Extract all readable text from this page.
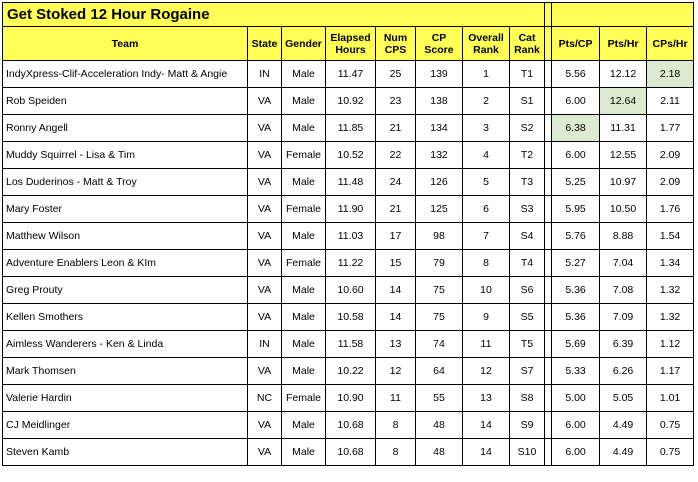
Get Stoked 12 Hour Rogaine											
Team	State	Gender	Elapsed Hours	Num CPS	CP Score	Overall Rank	Cat Rank		Pts/CP	Pts/Hr	CPs/Hr
IndyXpress-Clif-Acceleration Indy- Matt & Angie	IN	Male	11.47	25	139	1	T1		5.56	12.12	2.18
Rob Speiden	VA	Male	10.92	23	138	2	S1		6.00	12.64	2.11
Ronny Angell	VA	Male	11.85	21	134	3	S2		6.38	11.31	1.77
Muddy Squirrel - Lisa & Tim	VA	Female	10.52	22	132	4	T2		6.00	12.55	2.09
Los Duderinos - Matt & Troy	VA	Male	11.48	24	126	5	T3		5.25	10.97	2.09
Mary Foster	VA	Female	11.90	21	125	6	S3		5.95	10.50	1.76
Matthew Wilson	VA	Male	11.03	17	98	7	S4		5.76	8.88	1.54
Adventure Enablers Leon & KIm	VA	Female	11.22	15	79	8	T4		5.27	7.04	1.34
Greg Prouty	VA	Male	10.60	14	75	10	S6		5.36	7.08	1.32
Kellen Smothers	VA	Male	10.58	14	75	9	S5		5.36	7.09	1.32
Aimless Wanderers - Ken & Linda	IN	Male	11.58	13	74	11	T5		5.69	6.39	1.12
Mark Thomsen	VA	Male	10.22	12	64	12	S7		5.33	6.26	1.17
Valerie Hardin	NC	Female	10.90	11	55	13	S8		5.00	5.05	1.01
CJ Meidlinger	VA	Male	10.68	8	48	14	S9		6.00	4.49	0.75
Steven Kamb	VA	Male	10.68	8	48	14	S10		6.00	4.49	0.75
